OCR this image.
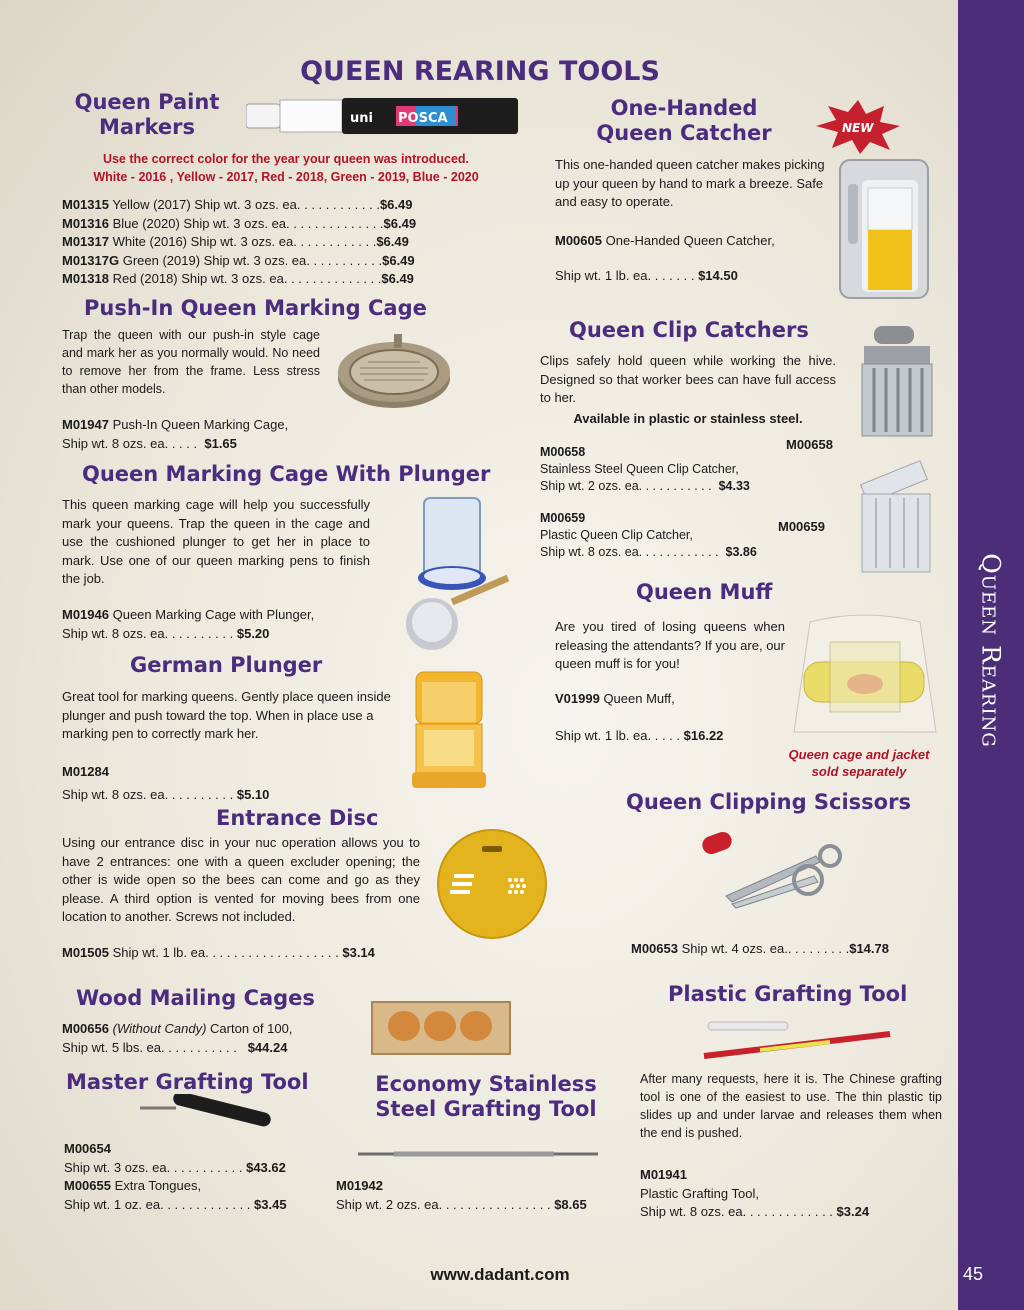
Queen Rearing
45
QUEEN REARING TOOLS
Queen Paint
Markers	uni POSCA
Use the correct color for the year your queen was introduced.
White - 2016 , Yellow - 2017, Red - 2018, Green - 2019, Blue - 2020
M01315 Yellow (2017) Ship wt. 3 ozs. ea. . . . . . . . . . . .$6.49
M01316 Blue (2020) Ship wt. 3 ozs. ea. . . . . . . . . . . . . .$6.49
M01317 White (2016) Ship wt. 3 ozs. ea. . . . . . . . . . . .$6.49
M01317G Green (2019) Ship wt. 3 ozs. ea. . . . . . . . . . .$6.49
M01318 Red (2018) Ship wt. 3 ozs. ea. . . . . . . . . . . . . .$6.49
Push-In Queen Marking Cage
Trap the queen with our push-in style cage and mark her as you normally would. No need to remove her from the frame. Less stress than other models.
M01947 Push-In Queen Marking Cage,
Ship wt. 8 ozs. ea. . . . . $1.65
Queen Marking Cage With Plunger
This queen marking cage will help you successfully mark your queens. Trap the queen in the cage and use the cushioned plunger to get her in place to mark. Use one of our queen marking pens to finish the job.
M01946 Queen Marking Cage with Plunger,
Ship wt. 8 ozs. ea. . . . . . . . . . $5.20
German Plunger
Great tool for marking queens. Gently place queen inside plunger and push toward the top. When in place use a marking pen to correctly mark her.
M01284
Ship wt. 8 ozs. ea. . . . . . . . . . $5.10
Entrance Disc
Using our entrance disc in your nuc operation allows you to have 2 entrances: one with a queen excluder opening; the other is wide open so the bees can come and go as they please. A third option is vented for moving bees from one location to another. Screws not included.
M01505 Ship wt. 1 lb. ea. . . . . . . . . . . . . . . . . . . $3.14
Wood Mailing Cages
M00656 (Without Candy) Carton of 100,
Ship wt. 5 lbs. ea. . . . . . . . . . . $44.24
Master Grafting Tool
M00654
Ship wt. 3 ozs. ea. . . . . . . . . . . $43.62
M00655 Extra Tongues,
Ship wt. 1 oz. ea. . . . . . . . . . . . . $3.45
Economy Stainless
Steel Grafting Tool
M01942
Ship wt. 2 ozs. ea. . . . . . . . . . . . . . . . $8.65
One-Handed
Queen Catcher	NEW
This one-handed queen catcher makes picking up your queen by hand to mark a breeze. Safe and easy to operate.
M00605 One-Handed Queen Catcher,
Ship wt. 1 lb. ea. . . . . . . $14.50
Queen Clip Catchers
Clips safely hold queen while working the hive. Designed so that worker bees can have full access to her.
Available in plastic or stainless steel.
M00658
M00659
M00658
Stainless Steel Queen Clip Catcher,
Ship wt. 2 ozs. ea. . . . . . . . . . . $4.33
M00659
Plastic Queen Clip Catcher,
Ship wt. 8 ozs. ea. . . . . . . . . . . . $3.86
Queen Muff
Are you tired of losing queens when releasing the attendants? If you are, our queen muff is for you!
V01999 Queen Muff,
Ship wt. 1 lb. ea. . . . . $16.22
Queen cage and jacket
sold separately
Queen Clipping Scissors
M00653 Ship wt. 4 ozs. ea.. . . . . . . . .$14.78
Plastic Grafting Tool
After many requests, here it is. The Chinese grafting tool is one of the easiest to use. The thin plastic tip slides up and under larvae and releases them when the end is pushed.
M01941
Plastic Grafting Tool,
Ship wt. 8 ozs. ea. . . . . . . . . . . . . $3.24
www.dadant.com
